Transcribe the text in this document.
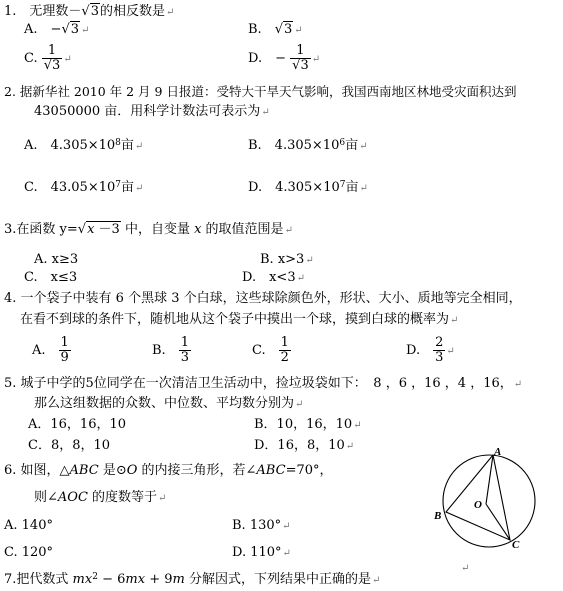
1.　无理数－√3的相反数是↵
A.　 −√3 ↵	B.　 √3 ↵
C. $\frac{1}{√3}$ ↵	D.　 − $\frac{1}{√3}$ ↵
2. 据新华社 2010 年 2 月 9 日报道：受特大干旱天气影响，我国西南地区林地受灾面积达到
43050000 亩．用科学计数法可表示为↵
A.　$4.305\times 10^8$亩↵	B.　$4.305\times 10^6$亩↵
C.　$43.05\times 10^7$亩↵	D.　$4.305\times 10^7$亩↵
3.在函数 y=√x －3 中，自变量 x 的取值范围是↵
A. x≥3	B. x>3↵
C.　x≤3	D.　x<3↵
4. 一个袋子中装有 6 个黑球 3 个白球，这些球除颜色外，形状、大小、质地等完全相同，
在看不到球的条件下，随机地从这个袋子中摸出一个球，摸到白球的概率为↵
A.　 $\frac{1}{9}$	B.　 $\frac{1}{3}$	C.　 $\frac{1}{2}$	D.　 $\frac{2}{3}$ ↵
5. 城子中学的5位同学在一次清洁卫生活动中，捡垃圾袋如下：　8 ，6 ，16 ，4 ，16，↵
那么这组数据的众数、中位数、平均数分别为↵
A．16，16，10	B．10，16，10↵
C．8，8，10	D．16，8，10↵
6. 如图，△ABC 是⊙O 的内接三角形，若∠ABC=70°，
则∠AOC 的度数等于↵
A. 140°	B. 130°↵
C. 120°	D. 110°↵
A
B
C
O
↵
7.把代数式 $mx^2 - 6mx + 9m$ 分解因式，下列结果中正确的是↵
